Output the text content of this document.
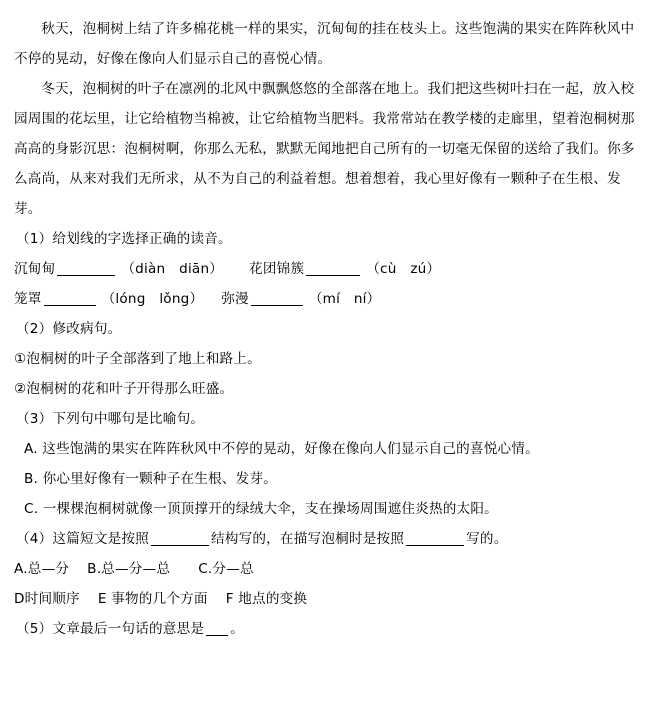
秋天，泡桐树上结了许多棉花桃一样的果实，沉甸甸的挂在枝头上。这些饱满的果实在阵阵秋风中不停的晃动，好像在像向人们显示自己的喜悦心情。

冬天，泡桐树的叶子在凛冽的北风中飘飘悠悠的全部落在地上。我们把这些树叶扫在一起，放入校园周围的花坛里，让它给植物当棉被，让它给植物当肥料。我常常站在教学楼的走廊里，望着泡桐树那高高的身影沉思：泡桐树啊，你那么无私，默默无闻地把自己所有的一切毫无保留的送给了我们。你多么高尚，从来对我们无所求，从不为自己的利益着想。想着想着，我心里好像有一颗种子在生根、发芽。

（1）给划线的字选择正确的读音。

沉甸甸	（diàn　diān） 花团锦簇	（cù　zú）

笼罩	（lóng　lǒng） 弥漫	（mí　ní）

（2）修改病句。

①泡桐树的叶子全部落到了地上和路上。

②泡桐树的花和叶子开得那么旺盛。

（3）下列句中哪句是比喻句。

A. 这些饱满的果实在阵阵秋风中不停的晃动，好像在像向人们显示自己的喜悦心情。

B. 你心里好像有一颗种子在生根、发芽。

C. 一棵棵泡桐树就像一顶顶撑开的绿绒大伞，支在操场周围遮住炎热的太阳。

（4）这篇短文是按照	结构写的，在描写泡桐时是按照	写的。

A.总—分 B.总—分—总 C.分—总

D时间顺序 E 事物的几个方面 F 地点的变换

（5）文章最后一句话的意思是 。
